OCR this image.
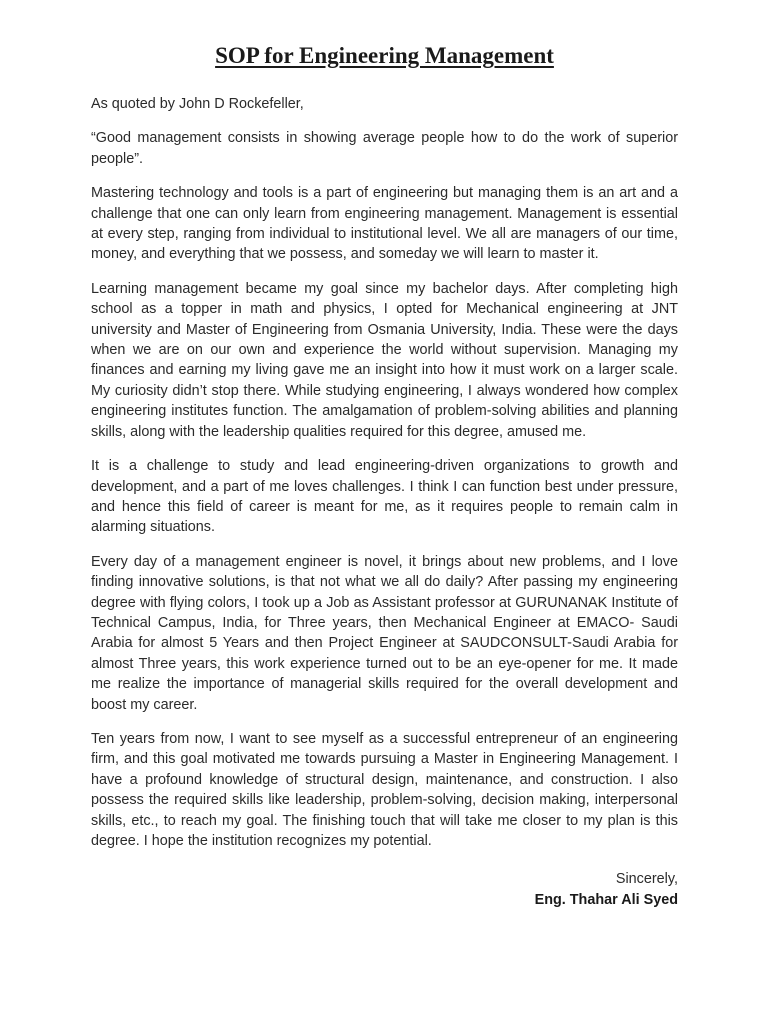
SOP for Engineering Management

As quoted by John D Rockefeller,

“Good management consists in showing average people how to do the work of superior people”.

Mastering technology and tools is a part of engineering but managing them is an art and a challenge that one can only learn from engineering management. Management is essential at every step, ranging from individual to institutional level. We all are managers of our time, money, and everything that we possess, and someday we will learn to master it.

Learning management became my goal since my bachelor days. After completing high school as a topper in math and physics, I opted for Mechanical engineering at JNT university and Master of Engineering from Osmania University, India. These were the days when we are on our own and experience the world without supervision. Managing my finances and earning my living gave me an insight into how it must work on a larger scale. My curiosity didn’t stop there. While studying engineering, I always wondered how complex engineering institutes function. The amalgamation of problem-solving abilities and planning skills, along with the leadership qualities required for this degree, amused me.

It is a challenge to study and lead engineering-driven organizations to growth and development, and a part of me loves challenges. I think I can function best under pressure, and hence this field of career is meant for me, as it requires people to remain calm in alarming situations.

Every day of a management engineer is novel, it brings about new problems, and I love finding innovative solutions, is that not what we all do daily? After passing my engineering degree with flying colors, I took up a Job as Assistant professor at GURUNANAK Institute of Technical Campus, India, for Three years, then Mechanical Engineer at EMACO- Saudi Arabia for almost 5 Years and then Project Engineer at SAUDCONSULT-Saudi Arabia for almost Three years, this work experience turned out to be an eye-opener for me. It made me realize the importance of managerial skills required for the overall development and boost my career.

Ten years from now, I want to see myself as a successful entrepreneur of an engineering firm, and this goal motivated me towards pursuing a Master in Engineering Management. I have a profound knowledge of structural design, maintenance, and construction. I also possess the required skills like leadership, problem-solving, decision making, interpersonal skills, etc., to reach my goal. The finishing touch that will take me closer to my plan is this degree. I hope the institution recognizes my potential.

Sincerely,
Eng. Thahar Ali Syed
